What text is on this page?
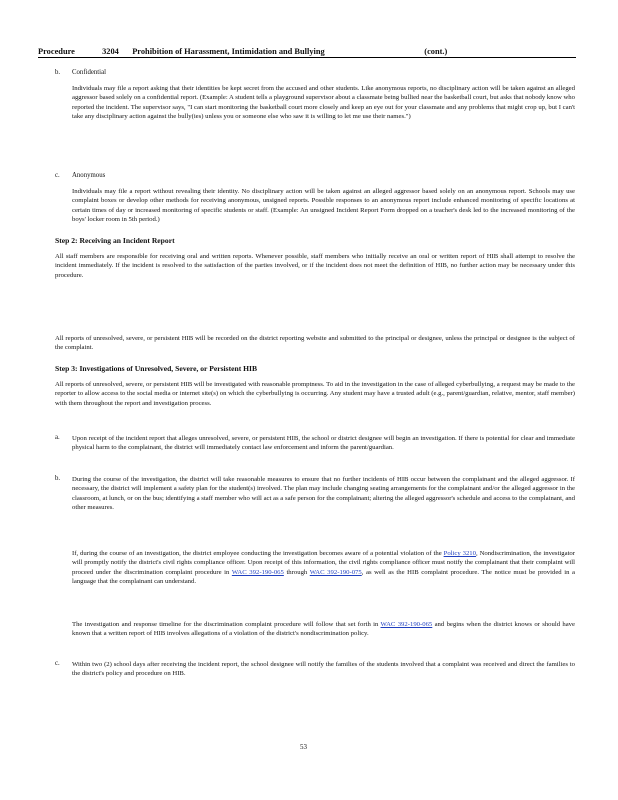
Procedure	3204 Prohibition of Harassment, Intimidation and Bullying	(cont.)
b. Confidential

Individuals may file a report asking that their identities be kept secret from the accused and other students. Like anonymous reports, no disciplinary action will be taken against an alleged aggressor based solely on a confidential report. (Example: A student tells a playground supervisor about a classmate being bullied near the basketball court, but asks that nobody know who reported the incident. The supervisor says, "I can start monitoring the basketball court more closely and keep an eye out for your classmate and any problems that might crop up, but I can't take any disciplinary action against the bully(ies) unless you or someone else who saw it is willing to let me use their names.")

c. Anonymous

Individuals may file a report without revealing their identity. No disciplinary action will be taken against an alleged aggressor based solely on an anonymous report. Schools may use complaint boxes or develop other methods for receiving anonymous, unsigned reports. Possible responses to an anonymous report include enhanced monitoring of specific locations at certain times of day or increased monitoring of specific students or staff. (Example: An unsigned Incident Report Form dropped on a teacher's desk led to the increased monitoring of the boys' locker room in 5th period.)

Step 2: Receiving an Incident Report

All staff members are responsible for receiving oral and written reports. Whenever possible, staff members who initially receive an oral or written report of HIB shall attempt to resolve the incident immediately. If the incident is resolved to the satisfaction of the parties involved, or if the incident does not meet the definition of HIB, no further action may be necessary under this procedure.

All reports of unresolved, severe, or persistent HIB will be recorded on the district reporting website and submitted to the principal or designee, unless the principal or designee is the subject of the complaint.

Step 3: Investigations of Unresolved, Severe, or Persistent HIB

All reports of unresolved, severe, or persistent HIB will be investigated with reasonable promptness. To aid in the investigation in the case of alleged cyberbullying, a request may be made to the reporter to allow access to the social media or internet site(s) on which the cyberbullying is occurring. Any student may have a trusted adult (e.g., parent/guardian, relative, mentor, staff member) with them throughout the report and investigation process.

a. Upon receipt of the incident report that alleges unresolved, severe, or persistent HIB, the school or district designee will begin an investigation. If there is potential for clear and immediate physical harm to the complainant, the district will immediately contact law enforcement and inform the parent/guardian.

b. During the course of the investigation, the district will take reasonable measures to ensure that no further incidents of HIB occur between the complainant and the alleged aggressor. If necessary, the district will implement a safety plan for the student(s) involved. The plan may include changing seating arrangements for the complainant and/or the alleged aggressor in the classroom, at lunch, or on the bus; identifying a staff member who will act as a safe person for the complainant; altering the alleged aggressor's schedule and access to the complainant, and other measures.

If, during the course of an investigation, the district employee conducting the investigation becomes aware of a potential violation of the Policy 3210, Nondiscrimination, the investigator will promptly notify the district's civil rights compliance officer. Upon receipt of this information, the civil rights compliance officer must notify the complainant that their complaint will proceed under the discrimination complaint procedure in WAC 392-190-065 through WAC 392-190-075, as well as the HIB complaint procedure. The notice must be provided in a language that the complainant can understand.

The investigation and response timeline for the discrimination complaint procedure will follow that set forth in WAC 392-190-065 and begins when the district knows or should have known that a written report of HIB involves allegations of a violation of the district's nondiscrimination policy.

c. Within two (2) school days after receiving the incident report, the school designee will notify the families of the students involved that a complaint was received and direct the families to the district's policy and procedure on HIB.

53
